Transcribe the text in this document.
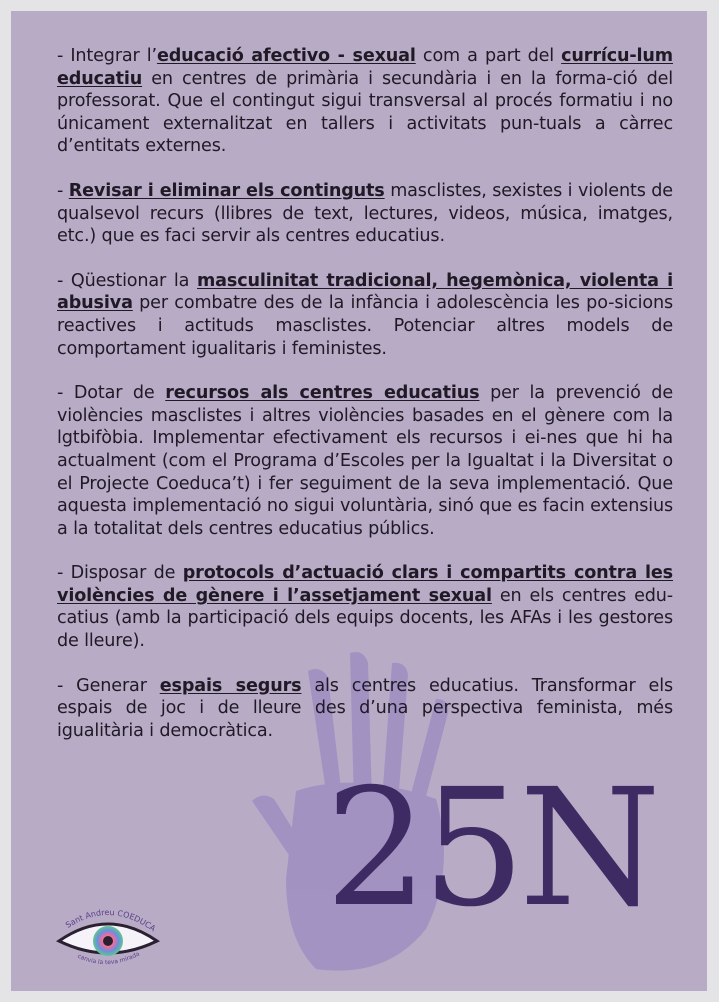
- Integrar l’educació afectivo - sexual com a part del currícu-lum educatiu en centres de primària i secundària i en la forma-ció del professorat. Que el contingut sigui transversal al procés formatiu i no únicament externalitzat en tallers i activitats pun-tuals a càrrec d’entitats externes.

- Revisar i eliminar els continguts masclistes, sexistes i violents de qualsevol recurs (llibres de text, lectures, videos, música, imatges, etc.) que es faci servir als centres educatius.

- Qüestionar la masculinitat tradicional, hegemònica, violenta i abusiva per combatre des de la infància i adolescència les po-sicions reactives i actituds masclistes. Potenciar altres models de comportament igualitaris i feministes.

- Dotar de recursos als centres educatius per la prevenció de violències masclistes i altres violències basades en el gènere com la lgtbifòbia. Implementar efectivament els recursos i ei-nes que hi ha actualment (com el Programa d’Escoles per la Igualtat i la Diversitat o el Projecte Coeduca’t) i fer seguiment de la seva implementació. Que aquesta implementació no sigui voluntària, sinó que es facin extensius a la totalitat dels centres educatius públics.

- Disposar de protocols d’actuació clars i compartits contra les violències de gènere i l’assetjament sexual en els centres edu-catius (amb la participació dels equips docents, les AFAs i les gestores de lleure).

- Generar espais segurs als centres educatius. Transformar els espais de joc i de lleure des d’una perspectiva feminista, més igualitària i democràtica.

25N
Sant Andreu COEDUCA
canvia la teva mirada
